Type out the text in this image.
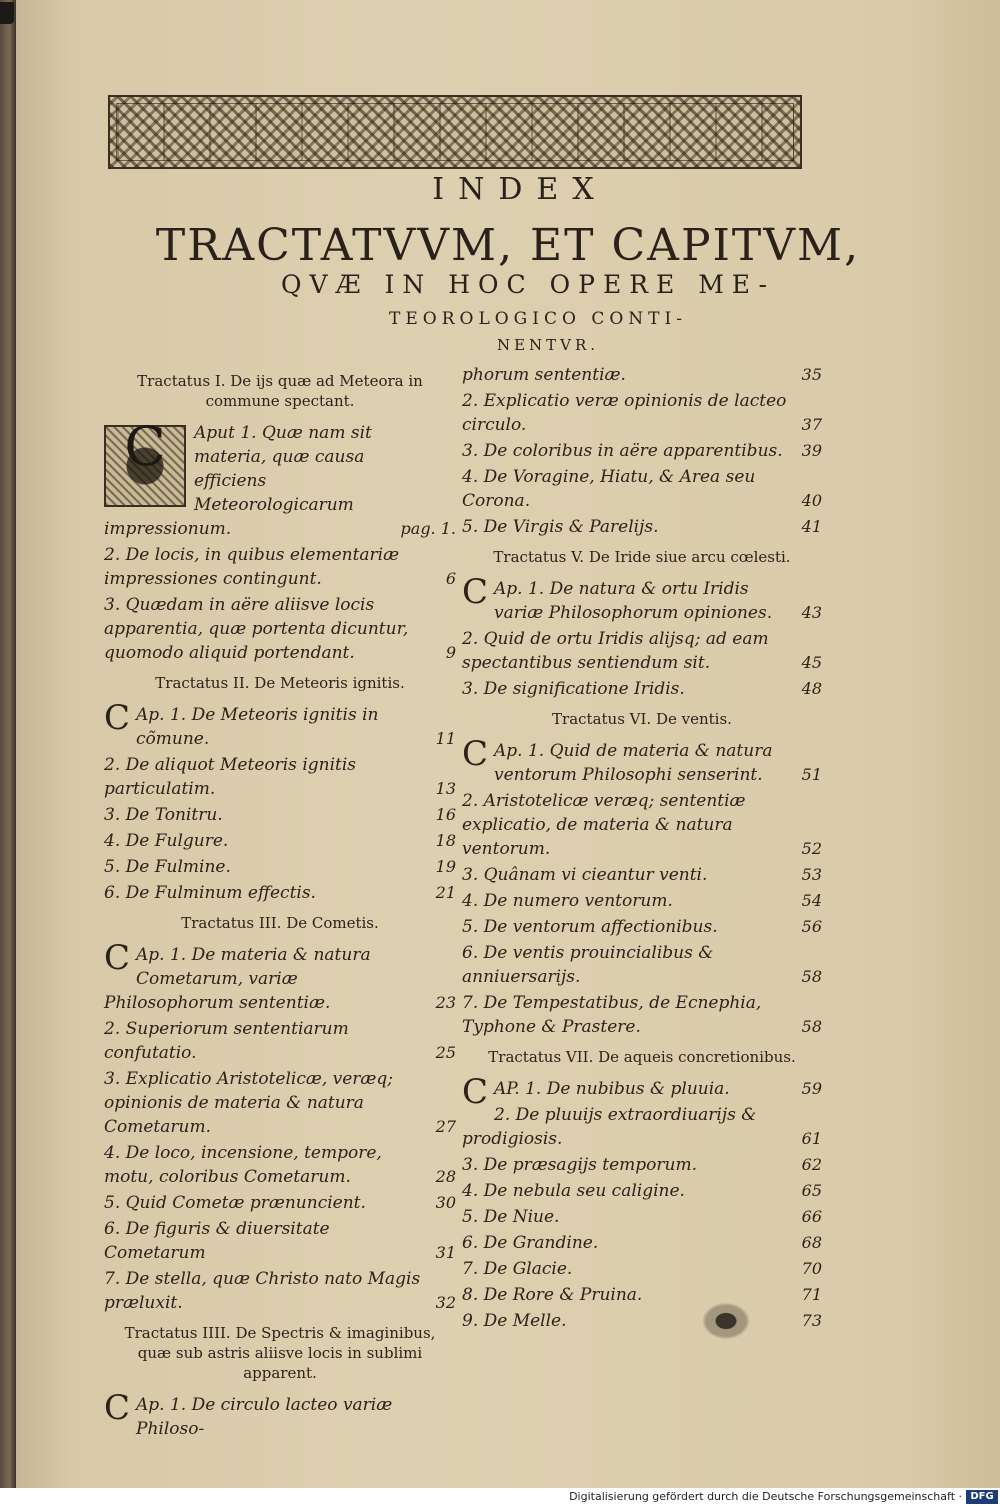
INDEX
TRACTATVVM, ET CAPITVM,
QVÆ IN HOC OPERE ME-
TEOROLOGICO CONTI-
NENTVR.
Tractatus I. De ijs quæ ad Meteora in commune spectant.
C	Aput 1. Quæ nam sit materia, quæ causa efficiens Meteorologicarum impressionum.	pag. 1.
2. De locis, in quibus elementariæ impressiones contingunt.	6
3. Quædam in aëre aliisve locis apparentia, quæ portenta dicuntur, quomodo aliquid portendant.	9
Tractatus II. De Meteoris ignitis.
C Ap. 1. De Meteoris ignitis in cõmune.	11
2. De aliquot Meteoris ignitis particulatim.	13
3. De Tonitru.	16
4. De Fulgure.	18
5. De Fulmine.	19
6. De Fulminum effectis.	21
Tractatus III. De Cometis.
C Ap. 1. De materia & natura Cometarum, variæ Philosophorum sententiæ.	23
2. Superiorum sententiarum confutatio.	25
3. Explicatio Aristotelicæ, veræq; opinionis de materia & natura Cometarum.	27
4. De loco, incensione, tempore, motu, coloribus Cometarum.	28
5. Quid Cometæ prænuncient.	30
6. De figuris & diuersitate Cometarum	31
7. De stella, quæ Christo nato Magis præluxit.	32
Tractatus IIII. De Spectris & imaginibus, quæ sub astris aliisve locis in sublimi apparent.
C Ap. 1. De circulo lacteo variæ Philoso-
phorum sententiæ.	35
2. Explicatio veræ opinionis de lacteo circulo.	37
3. De coloribus in aëre apparentibus. 39
4. De Voragine, Hiatu, & Area seu Corona.	40
5. De Virgis & Parelijs.	41
Tractatus V. De Iride siue arcu cœlesti.
C Ap. 1. De natura & ortu Iridis variæ Philosophorum opiniones. 43
2. Quid de ortu Iridis alijsq; ad eam spectantibus sentiendum sit.	45
3. De significatione Iridis.	48
Tractatus VI. De ventis.
C Ap. 1. Quid de materia & natura ventorum Philosophi senserint. 51
2. Aristotelicæ veræq; sententiæ explicatio, de materia & natura ventorum.	52
3. Quânam vi cieantur venti.	53
4. De numero ventorum.	54
5. De ventorum affectionibus.	56
6. De ventis prouincialibus & anniuersarijs.	58
7. De Tempestatibus, de Ecnephia, Typhone & Prastere.	58
Tractatus VII. De aqueis concretionibus.
CAP. 1. De nubibus & pluuia.	59
2. De pluuijs extraordiuarijs & prodigiosis.	61
3. De præsagijs temporum.	62
4. De nebula seu caligine.	65
5. De Niue.	66
6. De Grandine.	68
7. De Glacie.	70
8. De Rore & Pruina.	71
9. De Melle.	73
Digitalisierung gefördert durch die Deutsche Forschungsgemeinschaft · DFG
